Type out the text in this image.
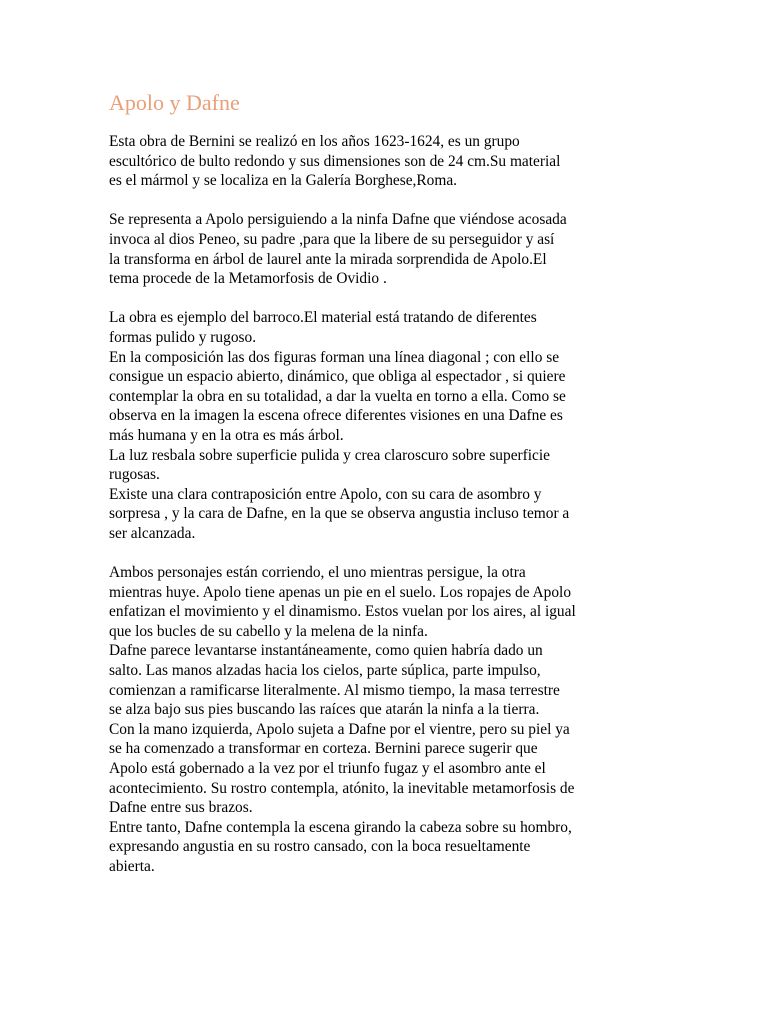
Apolo y Dafne

Esta obra de Bernini se realizó en los años 1623-1624, es un grupo
escultórico de bulto redondo y sus dimensiones son de 24 cm.Su material
es el mármol y se localiza en la Galería Borghese,Roma.

Se representa a Apolo persiguiendo a la ninfa Dafne que viéndose acosada
invoca al dios Peneo, su padre ,para que la libere de su perseguidor y así
la transforma en árbol de laurel ante la mirada sorprendida de Apolo.El
tema procede de la Metamorfosis de Ovidio .

La obra es ejemplo del barroco.El material está tratando de diferentes
formas pulido y rugoso.
En la composición las dos figuras forman una línea diagonal ; con ello se
consigue un espacio abierto, dinámico, que obliga al espectador , si quiere
contemplar la obra en su totalidad, a dar la vuelta en torno a ella. Como se
observa en la imagen la escena ofrece diferentes visiones en una Dafne es
más humana y en la otra es más árbol.
La luz resbala sobre superficie pulida y crea claroscuro sobre superficie
rugosas.
Existe una clara contraposición entre Apolo, con su cara de asombro y
sorpresa , y la cara de Dafne, en la que se observa angustia incluso temor a
ser alcanzada.

Ambos personajes están corriendo, el uno mientras persigue, la otra
mientras huye. Apolo tiene apenas un pie en el suelo. Los ropajes de Apolo
enfatizan el movimiento y el dinamismo. Estos vuelan por los aires, al igual
que los bucles de su cabello y la melena de la ninfa.
Dafne parece levantarse instantáneamente, como quien habría dado un
salto. Las manos alzadas hacia los cielos, parte súplica, parte impulso,
comienzan a ramificarse literalmente. Al mismo tiempo, la masa terrestre
se alza bajo sus pies buscando las raíces que atarán la ninfa a la tierra.
Con la mano izquierda, Apolo sujeta a Dafne por el vientre, pero su piel ya
se ha comenzado a transformar en corteza. Bernini parece sugerir que
Apolo está gobernado a la vez por el triunfo fugaz y el asombro ante el
acontecimiento. Su rostro contempla, atónito, la inevitable metamorfosis de
Dafne entre sus brazos.
Entre tanto, Dafne contempla la escena girando la cabeza sobre su hombro,
expresando angustia en su rostro cansado, con la boca resueltamente
abierta.
